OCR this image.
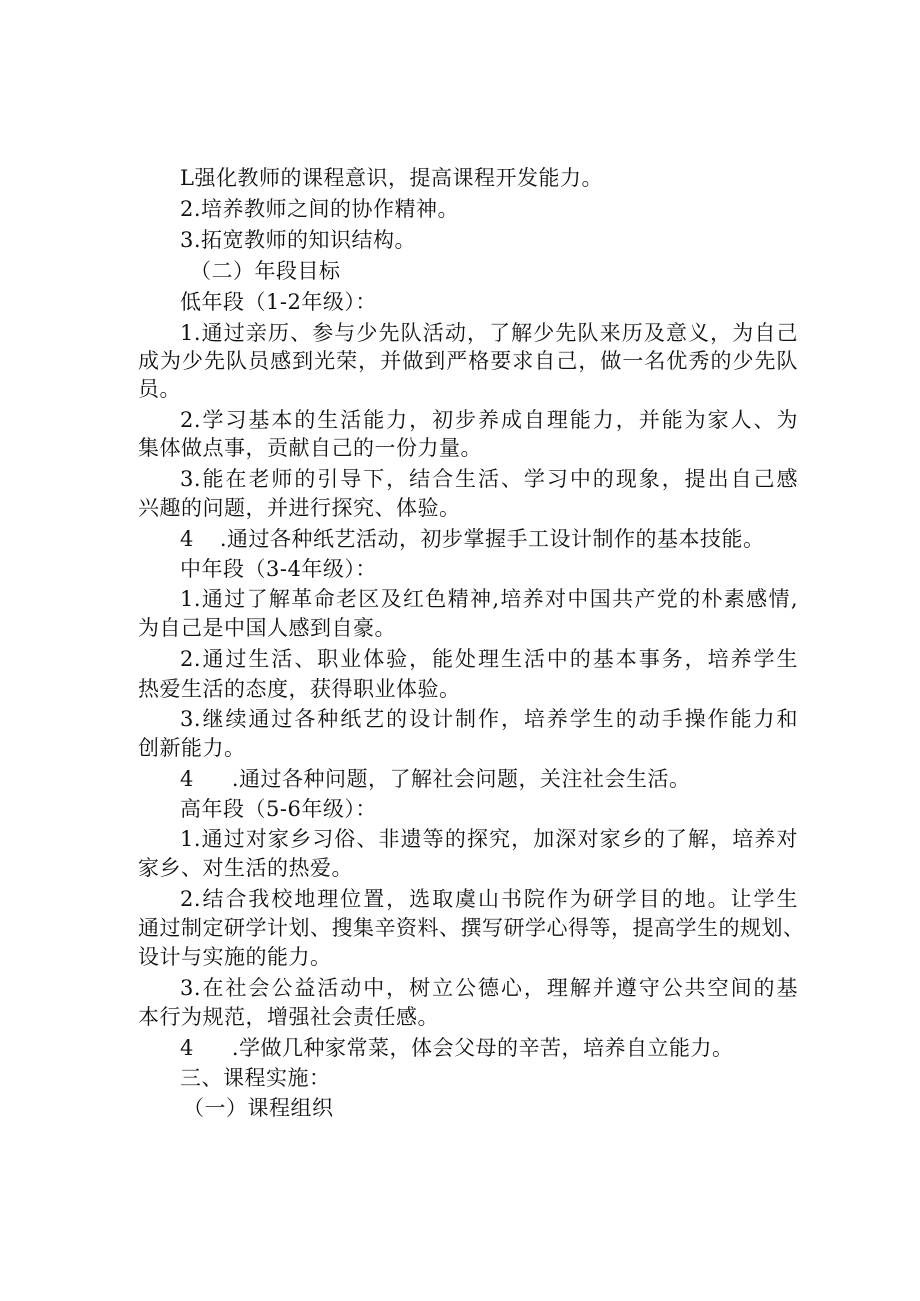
L强化教师的课程意识，提高课程开发能力。
2.培养教师之间的协作精神。
3.拓宽教师的知识结构。
（二）年段目标
低年段（1-2年级）：
1.通过亲历、参与少先队活动，了解少先队来历及意义，为自己
成为少先队员感到光荣，并做到严格要求自己，做一名优秀的少先队
员。
2.学习基本的生活能力，初步养成自理能力，并能为家人、为
集体做点事，贡献自己的一份力量。
3.能在老师的引导下，结合生活、学习中的现象，提出自己感
兴趣的问题，并进行探究、体验。
4 .通过各种纸艺活动，初步掌握手工设计制作的基本技能。
中年段（3-4年级）：
1.通过了解革命老区及红色精神,培养对中国共产党的朴素感情,
为自己是中国人感到自豪。
2.通过生活、职业体验，能处理生活中的基本事务，培养学生
热爱生活的态度，获得职业体验。
3.继续通过各种纸艺的设计制作，培养学生的动手操作能力和
创新能力。
4 .通过各种问题，了解社会问题，关注社会生活。
高年段（5-6年级）：
1.通过对家乡习俗、非遗等的探究，加深对家乡的了解，培养对
家乡、对生活的热爱。
2.结合我校地理位置，选取虞山书院作为研学目的地。让学生
通过制定研学计划、搜集辛资料、撰写研学心得等，提高学生的规划、
设计与实施的能力。
3.在社会公益活动中，树立公德心，理解并遵守公共空间的基
本行为规范，增强社会责任感。
4 .学做几种家常菜，体会父母的辛苦，培养自立能力。
三、课程实施：
（一）课程组织
